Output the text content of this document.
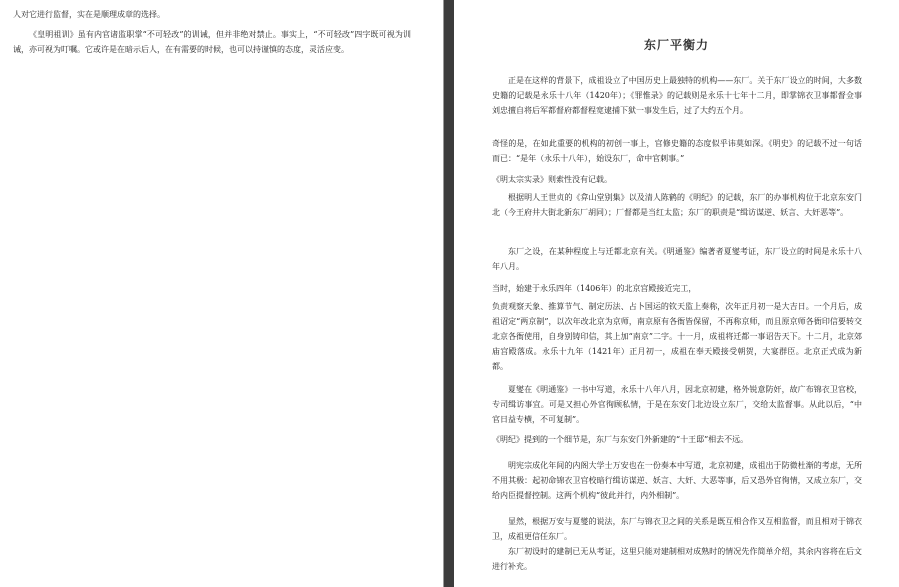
人对它进行监督，实在是顺理成章的选择。

《皇明祖训》虽有内官诸监职掌“不可轻改”的训诫，但并非绝对禁止。事实上，“不可轻改”四字既可视为训诫，亦可视为叮嘱。它或许是在暗示后人，在有需要的时候，也可以持谨慎的态度，灵活应变。	东厂平衡力

正是在这样的背景下，成祖设立了中国历史上最独特的机构——东厂。关于东厂设立的时间，大多数史籍的记载是永乐十八年（1420年）；《罪惟录》的记载则是永乐十七年十二月，即掌锦衣卫事都督佥事刘忠擅自将后军都督府都督程宽逮捕下狱一事发生后，过了大约五个月。

奇怪的是，在如此重要的机构的初创一事上，官修史籍的态度似乎讳莫如深。《明史》的记载不过一句话而已：“是年（永乐十八年），始设东厂，命中官刺事。”

《明太宗实录》则索性没有记载。

根据明人王世贞的《弇山堂别集》以及清人陈鹤的《明纪》的记载，东厂的办事机构位于北京东安门北（今王府井大街北新东厂胡同）；厂督都是当红太监；东厂的职责是“缉访谋逆、妖言、大奸恶等”。

东厂之设，在某种程度上与迁都北京有关。《明通鉴》编著者夏燮考证，东厂设立的时间是永乐十八年八月。

当时，始建于永乐四年（1406年）的北京宫殿接近完工，

负责观察天象、推算节气、制定历法、占卜国运的钦天监上奏称，次年正月初一是大吉日。一个月后，成祖诏定“两京制”，以次年改北京为京师，南京原有各衙皆保留，不再称京师，而且原京师各衙印信要转交北京各衙使用，自身别铸印信，其上加“南京”二字。十一月，成祖将迁都一事诏告天下。十二月，北京郊庙宫殿落成。永乐十九年（1421年）正月初一，成祖在奉天殿接受朝贺，大宴群臣。北京正式成为新都。

夏燮在《明通鉴》一书中写道，永乐十八年八月，因北京初建，格外锐意防奸，故广布锦衣卫官校，专司缉访事宜。可是又担心外官徇顾私情，于是在东安门北边设立东厂，交给太监督事。从此以后，“中官日益专横，不可复制”。

《明纪》提到的一个细节是，东厂与东安门外新建的“十王邸”相去不远。

明宪宗成化年间的内阁大学士万安也在一份奏本中写道，北京初建，成祖出于防微杜渐的考虑，无所不用其极：起初命锦衣卫官校暗行缉访谋逆、妖言、大奸、大恶等事，后又恐外官徇情，又成立东厂，交给内臣提督控制。这两个机构“彼此并行，内外相制”。

显然，根据万安与夏燮的说法，东厂与锦衣卫之间的关系是既互相合作又互相监督，而且相对于锦衣卫，成祖更信任东厂。

东厂初设时的建制已无从考证，这里只能对建制相对成熟时的情况先作简单介绍，其余内容将在后文进行补充。
